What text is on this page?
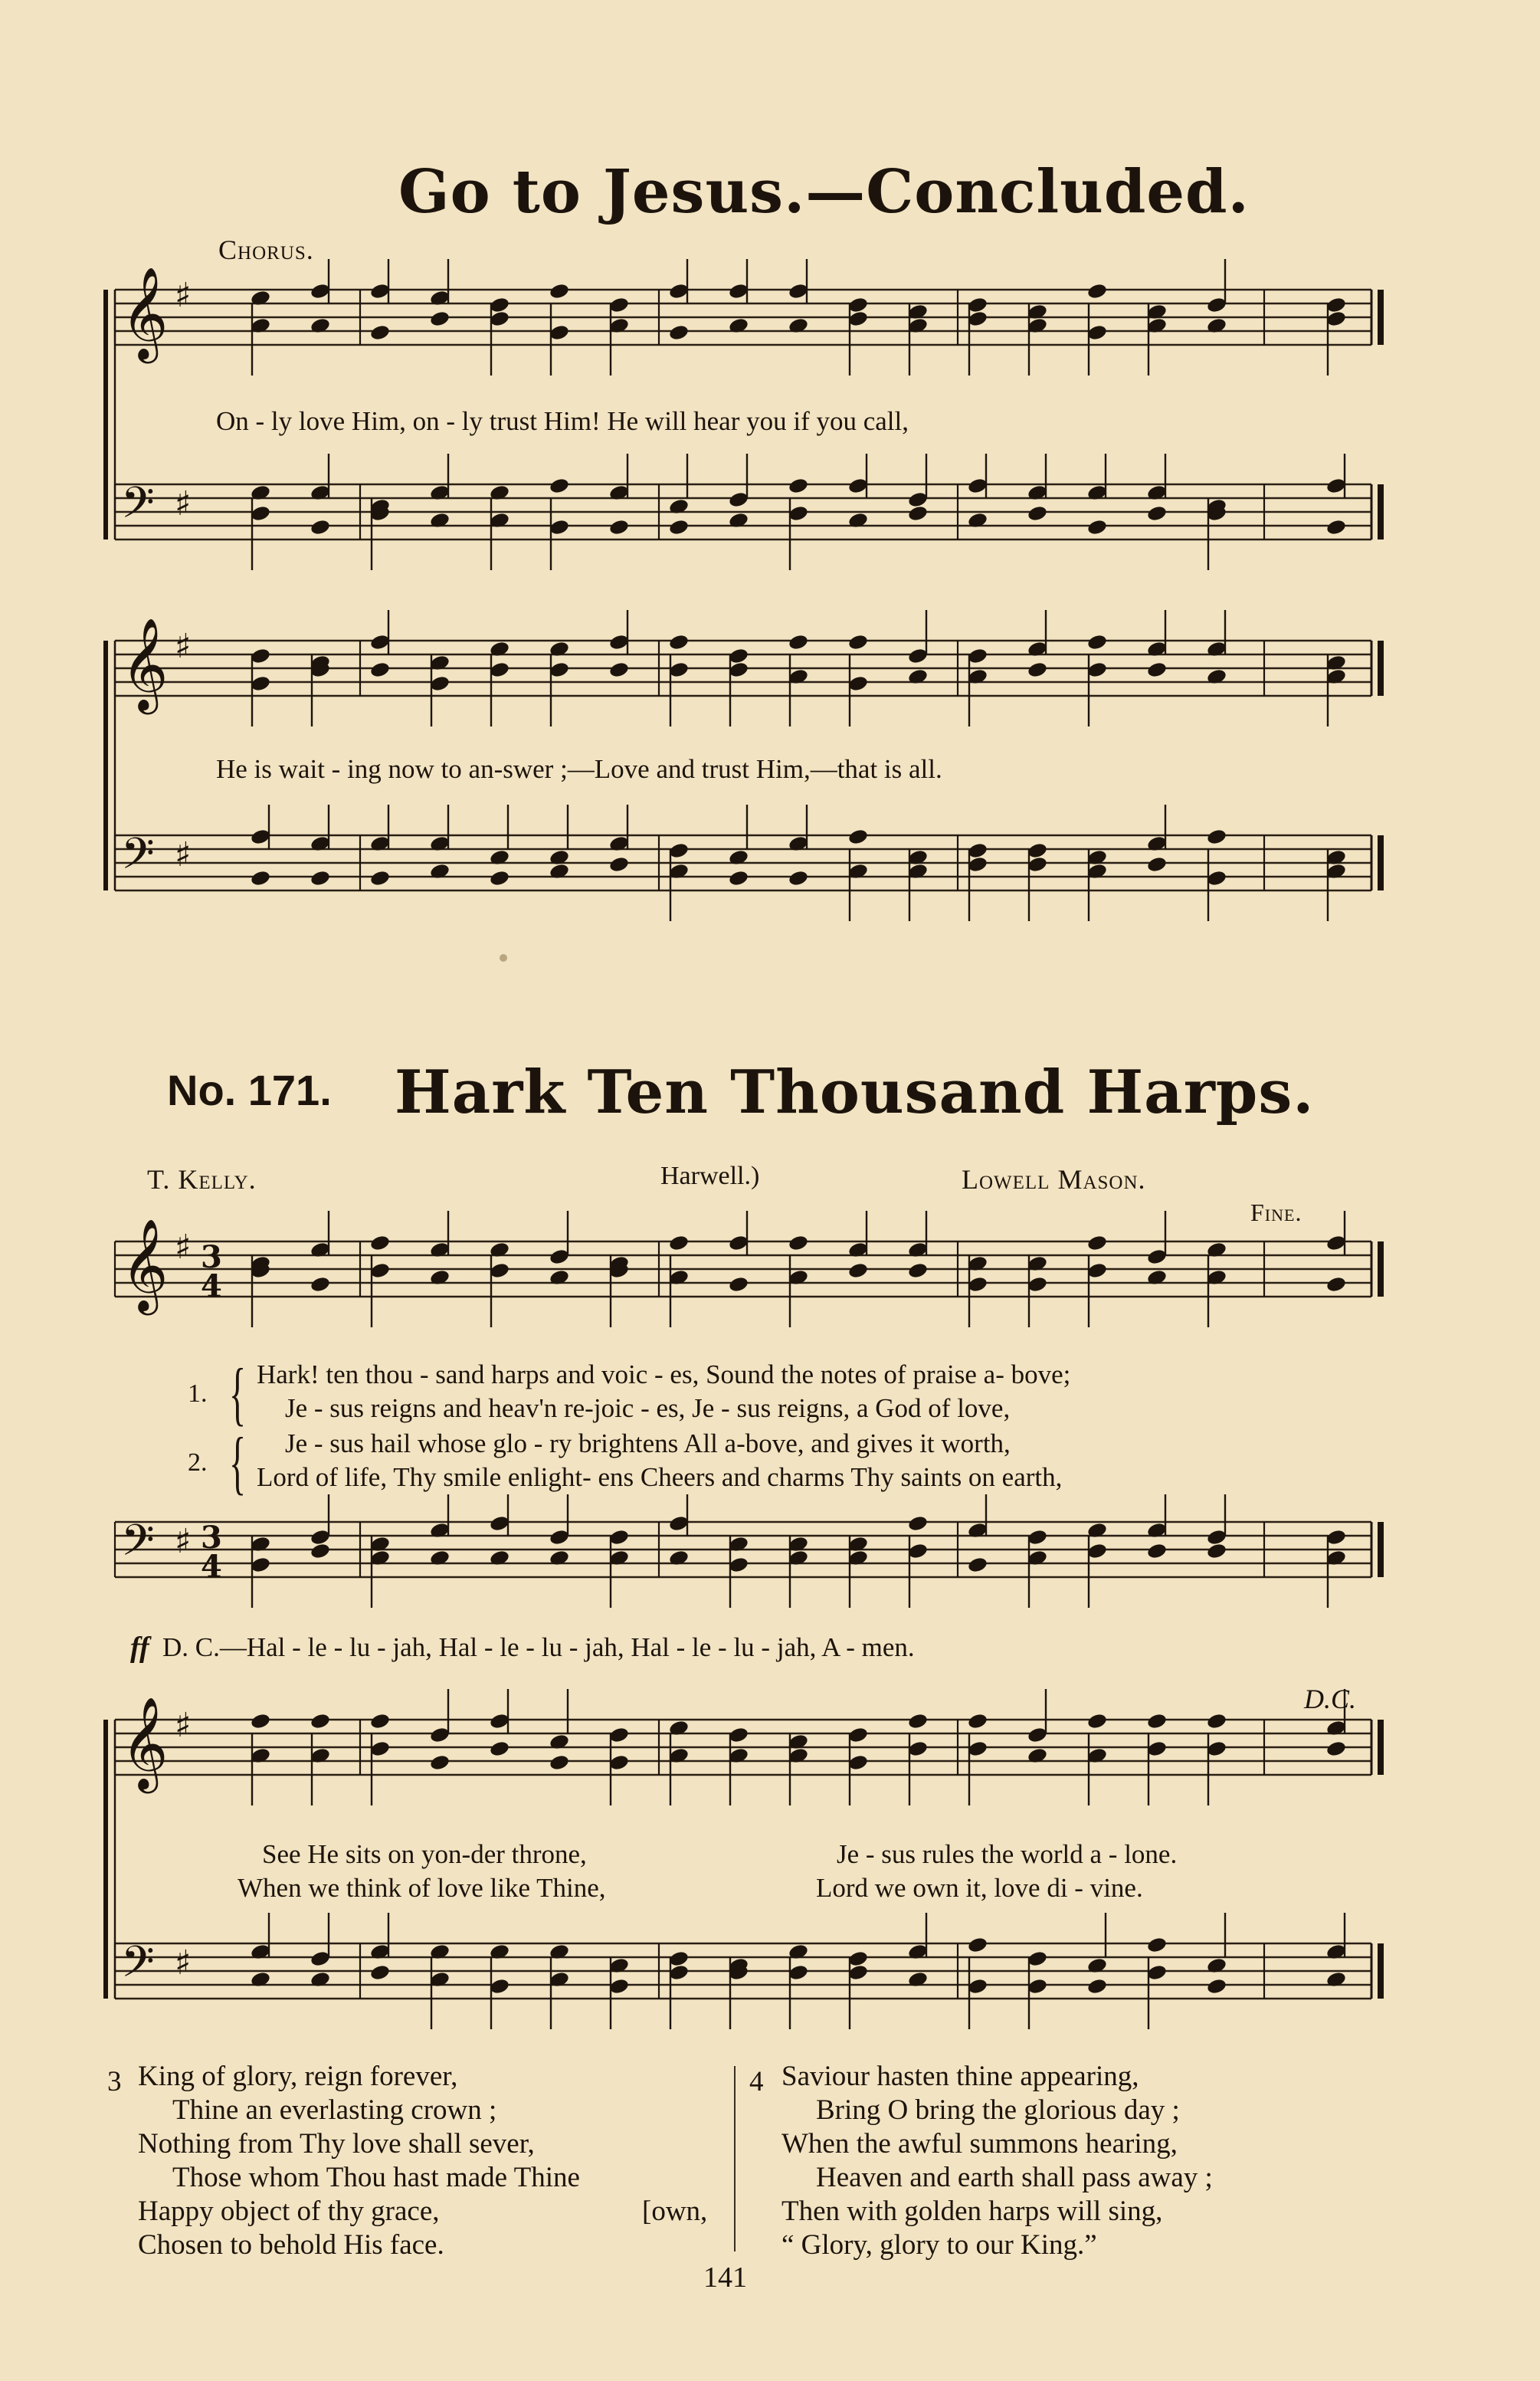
Go to Jesus.—Concluded.
Chorus.
𝄞 ♯
𝄢 ♯
On - ly love Him, on - ly trust Him! He will hear you if you call,
𝄞 ♯
𝄢 ♯
He is wait - ing now to an-swer ;—Love and trust Him,—that is all.
No. 171. Hark Ten Thousand Harps.
T. Kelly.	Harwell.)	Lowell Mason.
Fine.
𝄞 ♯ 3
4
1. { Hark! ten thou - sand harps and voic - es, Sound the notes of praise a- bove;
Je - sus reigns and heav'n re-joic - es, Je - sus reigns, a God of love,
2. { Je - sus hail whose glo - ry brightens All a-bove, and gives it worth,
Lord of life, Thy smile enlight- ens Cheers and charms Thy saints on earth,
𝄢 ♯ 3
4
ff D. C.—Hal - le - lu - jah, Hal - le - lu - jah, Hal - le - lu - jah, A - men.
D.C.
𝄞 ♯
𝄢 ♯
See He sits on yon-der throne,
When we think of love like Thine,
Je - sus rules the world a - lone.
Lord we own it, love di - vine.
3 King of glory, reign forever,
Thine an everlasting crown ;
Nothing from Thy love shall sever,
Those whom Thou hast made Thine
Happy object of thy grace,
Chosen to behold His face.
[own,
4 Saviour hasten thine appearing,
Bring O bring the glorious day ;
When the awful summons hearing,
Heaven and earth shall pass away ;
Then with golden harps will sing,
“ Glory, glory to our King.”
141
